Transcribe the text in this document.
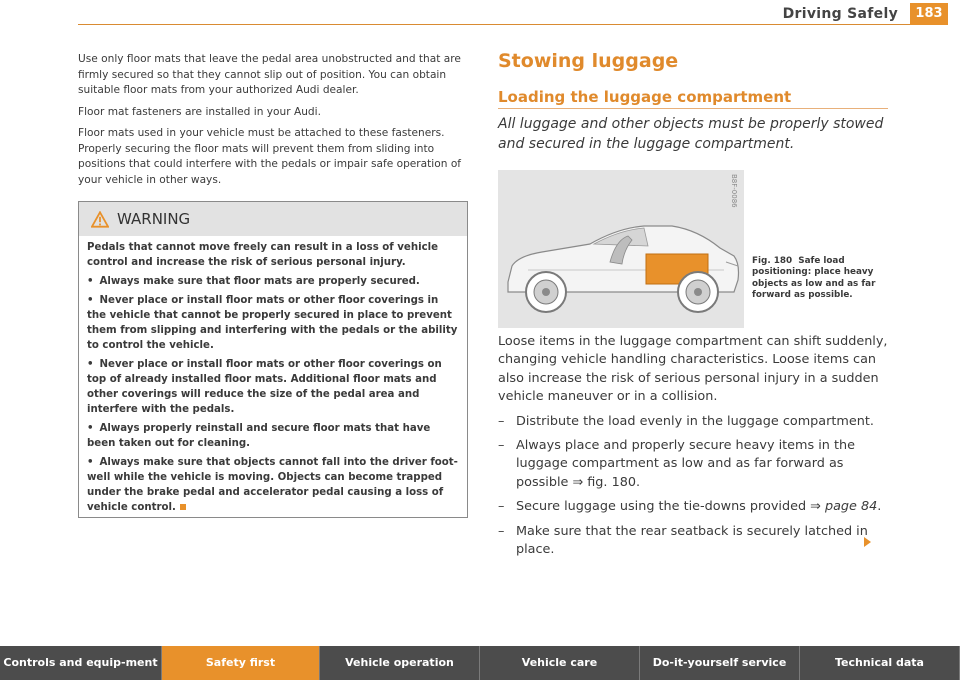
Driving Safely	183

Use only floor mats that leave the pedal area unobstructed and that are firmly secured so that they cannot slip out of position. You can obtain suitable floor mats from your authorized Audi dealer.

Floor mat fasteners are installed in your Audi.

Floor mats used in your vehicle must be attached to these fasteners. Properly securing the floor mats will prevent them from sliding into positions that could interfere with the pedals or impair safe operation of your vehicle in other ways.

WARNING

Pedals that cannot move freely can result in a loss of vehicle control and increase the risk of serious personal injury.

• Always make sure that floor mats are properly secured.

• Never place or install floor mats or other floor coverings in the vehicle that cannot be properly secured in place to prevent them from slipping and interfering with the pedals or the ability to control the vehicle.

• Never place or install floor mats or other floor coverings on top of already installed floor mats. Additional floor mats and other coverings will reduce the size of the pedal area and interfere with the pedals.

• Always properly reinstall and secure floor mats that have been taken out for cleaning.

• Always make sure that objects cannot fall into the driver foot-well while the vehicle is moving. Objects can become trapped under the brake pedal and accelerator pedal causing a loss of vehicle control.

Stowing luggage
Loading the luggage compartment
All luggage and other objects must be properly stowed and secured in the luggage compartment.
B8F-0086
Fig. 180 Safe load positioning: place heavy objects as low and as far forward as possible.

Loose items in the luggage compartment can shift suddenly, changing vehicle handling characteristics. Loose items can also increase the risk of serious personal injury in a sudden vehicle maneuver or in a collision.

– Distribute the load evenly in the luggage compartment.
– Always place and properly secure heavy items in the luggage compartment as low and as far forward as possible ⇒ fig. 180.
– Secure luggage using the tie-downs provided ⇒ page 84.
– Make sure that the rear seatback is securely latched in place.
Controls and equip-ment	Safety first	Vehicle operation	Vehicle care	Do-it-yourself service	Technical data
